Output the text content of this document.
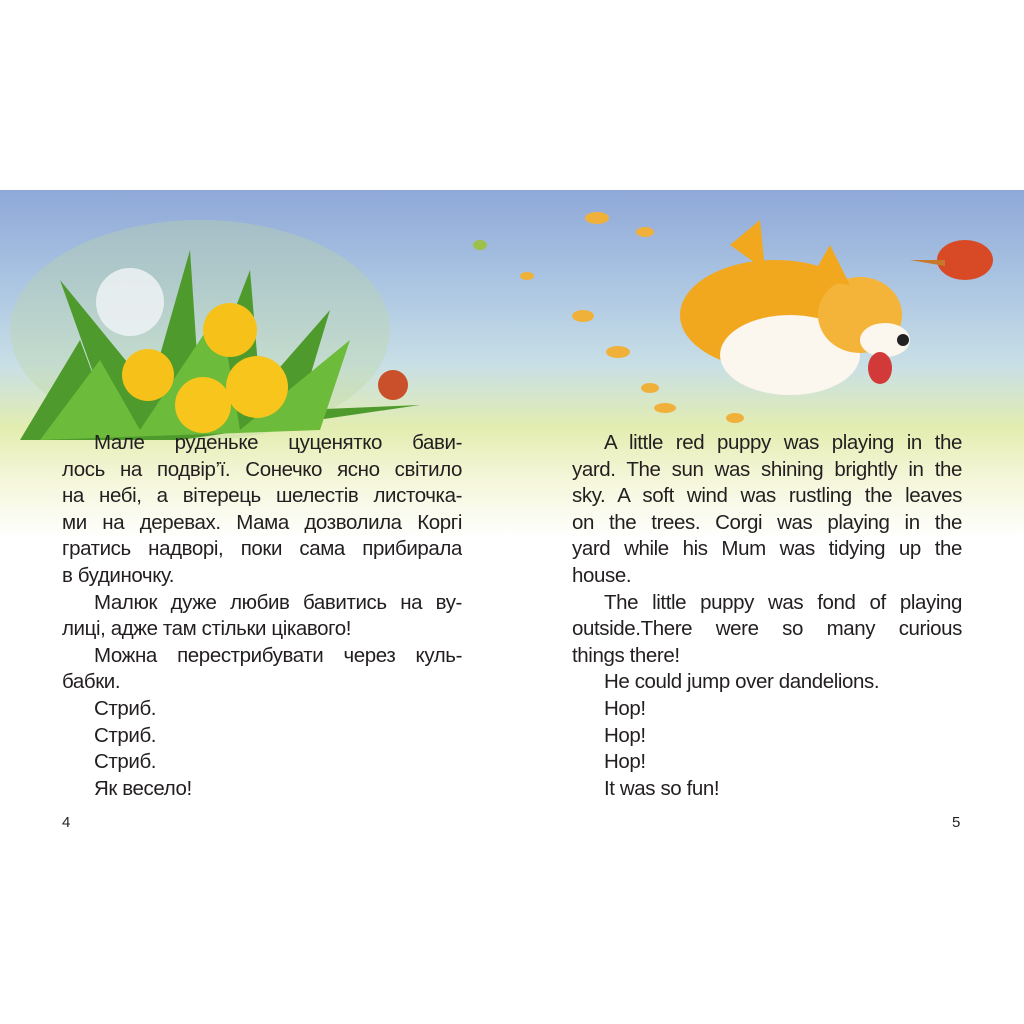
Мале руденьке цуценятко бави-
лось на подвір’ї. Сонечко ясно світило
на небі, а вітерець шелестів листочка-
ми на деревах. Мама дозволила Коргі
гратись надворі, поки сама прибирала
в будиночку.
Малюк дуже любив бавитись на ву-
лиці, адже там стільки цікавого!
Можна перестрибувати через куль-
бабки.
Стриб.
Стриб.
Стриб.
Як весело!
A little red puppy was playing in the
yard. The sun was shining brightly in the
sky. A soft wind was rustling the leaves
on the trees. Corgi was playing in the
yard while his Mum was tidying up the
house.
The little puppy was fond of playing
outside.There were so many curious
things there!
He could jump over dandelions.
Hop!
Hop!
Hop!
It was so fun!
4	5
